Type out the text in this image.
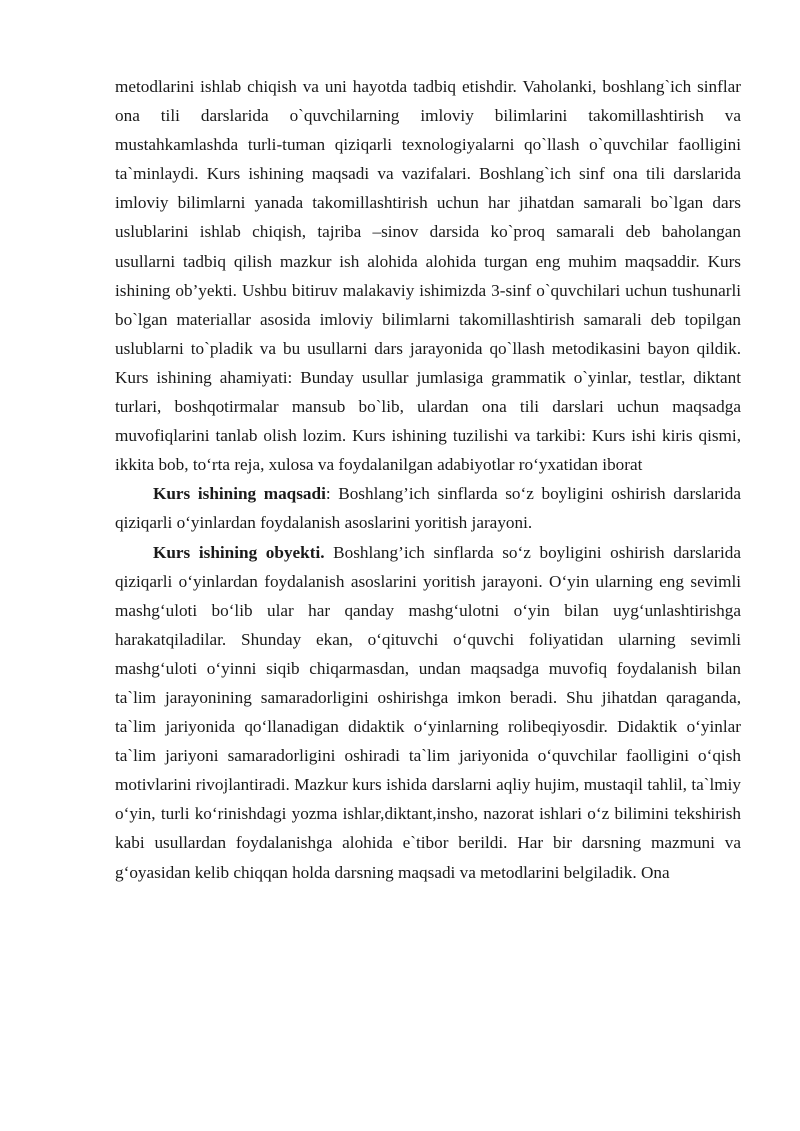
metodlarini ishlab chiqish va uni hayotda tadbiq etishdir. Vaholanki, boshlang`ich sinflar ona tili darslarida o`quvchilarning imloviy bilimlarini takomillashtirish va mustahkamlashda turli-tuman qiziqarli texnologiyalarni qo`llash o`quvchilar faolligini ta`minlaydi. Kurs ishining maqsadi va vazifalari. Boshlang`ich sinf ona tili darslarida imloviy bilimlarni yanada takomillashtirish uchun har jihatdan samarali bo`lgan dars uslublarini ishlab chiqish, tajriba –sinov darsida ko`proq samarali deb baholangan usullarni tadbiq qilish mazkur ish alohida alohida turgan eng muhim maqsaddir. Kurs ishining ob’yekti. Ushbu bitiruv malakaviy ishimizda 3-sinf o`quvchilari uchun tushunarli bo`lgan materiallar asosida imloviy bilimlarni takomillashtirish samarali deb topilgan uslublarni to`pladik va bu usullarni dars jarayonida qo`llash metodikasini bayon qildik. Kurs ishining ahamiyati: Bunday usullar jumlasiga grammatik o`yinlar, testlar, diktant turlari, boshqotirmalar mansub bo`lib, ulardan ona tili darslari uchun maqsadga muvofiqlarini tanlab olish lozim. Kurs ishining tuzilishi va tarkibi: Kurs ishi kiris qismi, ikkita bob, to‘rta reja, xulosa va foydalanilgan adabiyotlar ro‘yxatidan iborat

Kurs ishining maqsadi: Boshlang’ich sinflarda so‘z boyligini oshirish darslarida qiziqarli o‘yinlardan foydalanish asoslarini yoritish jarayoni.

Kurs ishining obyekti. Boshlang’ich sinflarda so‘z boyligini oshirish darslarida qiziqarli o‘yinlardan foydalanish asoslarini yoritish jarayoni. O‘yin ularning eng sevimli mashg‘uloti bo‘lib ular har qanday mashg‘ulotni o‘yin bilan uyg‘unlashtirishga harakatqiladilar. Shunday ekan, o‘qituvchi o‘quvchi foliyatidan ularning sevimli mashg‘uloti o‘yinni siqib chiqarmasdan, undan maqsadga muvofiq foydalanish bilan ta`lim jarayonining samaradorligini oshirishga imkon beradi. Shu jihatdan qaraganda, ta`lim jariyonida qo‘llanadigan didaktik o‘yinlarning rolibeqiyosdir. Didaktik o‘yinlar ta`lim jariyoni samaradorligini oshiradi ta`lim jariyonida o‘quvchilar faolligini o‘qish motivlarini rivojlantiradi. Mazkur kurs ishida darslarni aqliy hujim, mustaqil tahlil, ta`lmiy o‘yin, turli ko‘rinishdagi yozma ishlar,diktant,insho, nazorat ishlari o‘z bilimini tekshirish kabi usullardan foydalanishga alohida e`tibor berildi. Har bir darsning mazmuni va g‘oyasidan kelib chiqqan holda darsning maqsadi va metodlarini belgiladik. Ona
